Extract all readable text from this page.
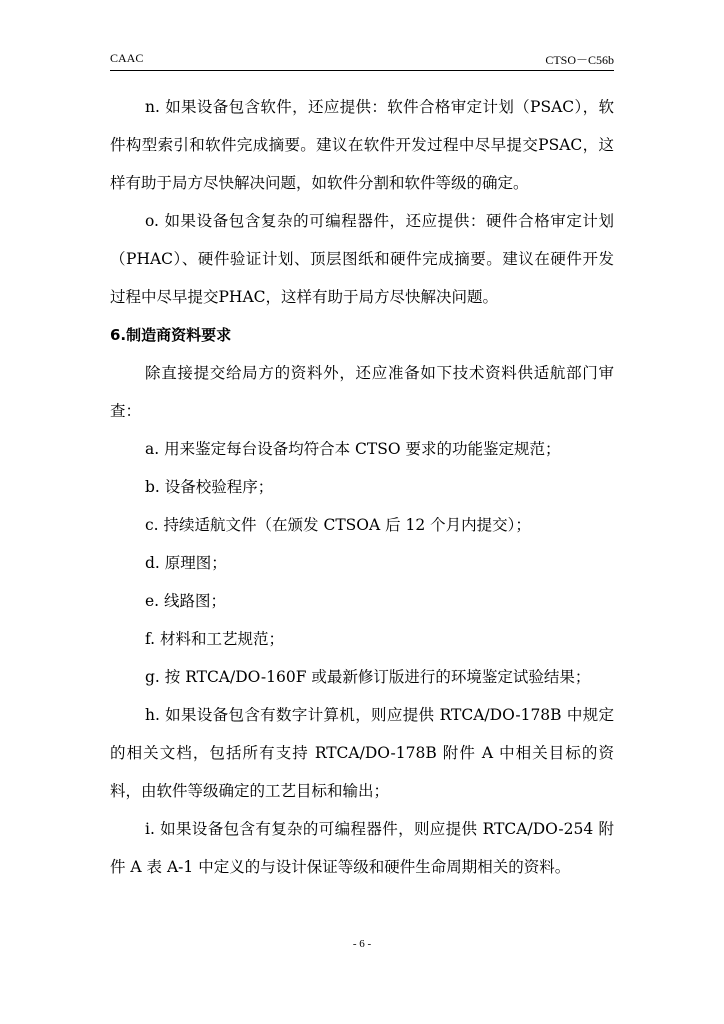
CAAC	CTSO－C56b

n. 如果设备包含软件，还应提供：软件合格审定计划（PSAC），软件构型索引和软件完成摘要。建议在软件开发过程中尽早提交PSAC，这样有助于局方尽快解决问题，如软件分割和软件等级的确定。

o. 如果设备包含复杂的可编程器件，还应提供：硬件合格审定计划（PHAC）、硬件验证计划、顶层图纸和硬件完成摘要。建议在硬件开发过程中尽早提交PHAC，这样有助于局方尽快解决问题。

6.制造商资料要求

除直接提交给局方的资料外，还应准备如下技术资料供适航部门审查：

a. 用来鉴定每台设备均符合本 CTSO 要求的功能鉴定规范；

b. 设备校验程序；

c. 持续适航文件（在颁发 CTSOA 后 12 个月内提交）；

d. 原理图；

e. 线路图；

f. 材料和工艺规范；

g. 按 RTCA/DO-160F 或最新修订版进行的环境鉴定试验结果；

h. 如果设备包含有数字计算机，则应提供 RTCA/DO-178B 中规定的相关文档，包括所有支持 RTCA/DO-178B 附件 A 中相关目标的资料，由软件等级确定的工艺目标和输出；

i. 如果设备包含有复杂的可编程器件，则应提供 RTCA/DO-254 附件 A 表 A-1 中定义的与设计保证等级和硬件生命周期相关的资料。

- 6 -
